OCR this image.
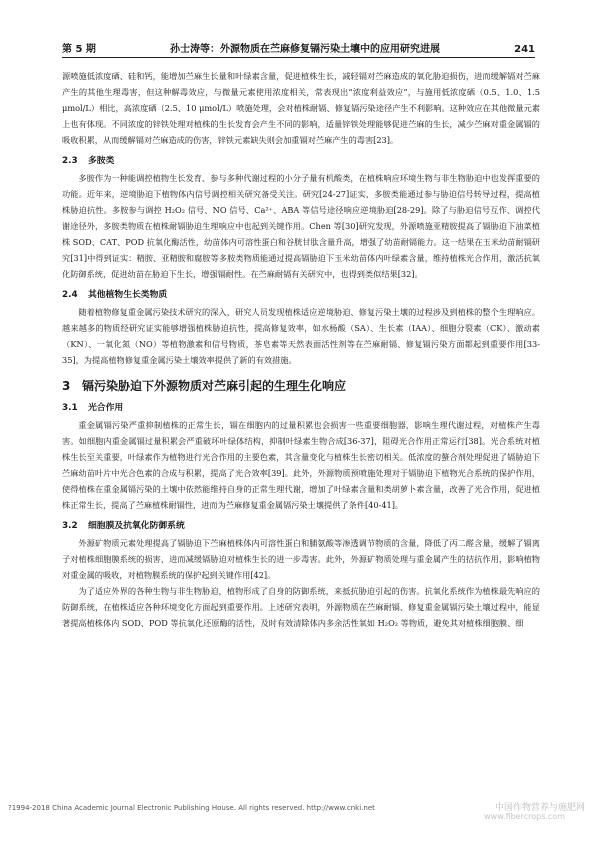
第 5 期	孙士涛等：外源物质在苎麻修复镉污染土壤中的应用研究进展	241

源喷施低浓度硒、硅和钙，能增加苎麻生长量和叶绿素含量，促进植株生长，减轻镉对苎麻造成的氧化胁迫损伤，进而缓解镉对苎麻产生的其他生理毒害，但这种解毒效应，与微量元素使用浓度相关，常表现出“浓度利益效应”，与施用低浓度硒（0.5、1.0、1.5 μmol/L）相比，高浓度硒（2.5、10 μmol/L）喷施处理，会对植株耐镉、修复镉污染途径产生不利影响。这种效应在其他微量元素上也有体现。不同浓度的锌铁处理对植株的生长发育会产生不同的影响，适量锌铁处理能够促进苎麻的生长，减少苎麻对重金属镉的吸收积累，从而缓解镉对苎麻造成的伤害，锌铁元素缺失则会加重镉对苎麻产生的毒害[23]。

2.3 多胺类

多胺作为一种能调控植物生长发育、参与多种代谢过程的小分子量有机酸类，在植株响应环境生物与非生物胁迫中也发挥重要的功能。近年来，逆境胁迫下植物体内信号调控相关研究备受关注。研究[24-27]证实，多胺类能通过参与胁迫信号转导过程，提高植株胁迫抗性。多胺参与调控 H₂O₂ 信号、NO 信号、Ca²⁺、ABA 等信号途径响应逆境胁迫[28-29]。除了与胁迫信号互作、调控代谢途径外，多胺类物质在植株耐镉胁迫生理响应中也起到关键作用。Chen 等[30]研究发现，外源喷施亚精胺提高了镉胁迫下油菜植株 SOD、CAT、POD 抗氧化酶活性，幼苗体内可溶性蛋白和谷胱甘肽含量升高，增强了幼苗耐镉能力。这一结果在玉米幼苗耐镉研究[31]中得到证实：精胺、亚精胺和腐胺等多胺类物质能通过提高镉胁迫下玉米幼苗体内叶绿素含量，维持植株光合作用，激活抗氧化防御系统，促进幼苗在胁迫下生长，增强镉耐性。在苎麻耐镉有关研究中，也得到类似结果[32]。

2.4 其他植物生长类物质

随着植物修复重金属污染技术研究的深入，研究人员发现植株适应逆境胁迫、修复污染土壤的过程涉及到植株的整个生理响应。越来越多的物质经研究证实能够增强植株胁迫抗性，提高修复效率，如水杨酸（SA）、生长素（IAA）、细胞分裂素（CK）、激动素（KN）、一氧化氮（NO）等植物激素和信号物质，茶皂素等天然表面活性剂等在苎麻耐镉、修复镉污染方面都起到重要作用[33-35]，为提高植物修复重金属污染土壤效率提供了新的有效措施。

3 镉污染胁迫下外源物质对苎麻引起的生理生化响应
3.1 光合作用

重金属镉污染严重抑制植株的正常生长，镉在细胞内的过量积累也会损害一些重要细胞器，影响生理代谢过程，对植株产生毒害。如细胞内重金属镉过量积累会严重破坏叶绿体结构，抑制叶绿素生物合成[36-37]，阻碍光合作用正常运行[38]。光合系统对植株生长至关重要，叶绿素作为植物进行光合作用的主要色素，其含量变化与植株生长密切相关。低浓度的螯合剂处理促进了镉胁迫下苎麻幼苗叶片中光合色素的合成与积累，提高了光合效率[39]。此外，外源物质预喷施处理对于镉胁迫下植物光合系统的保护作用，使得植株在重金属镉污染的土壤中依然能维持自身的正常生理代谢，增加了叶绿素含量和类胡萝卜素含量，改善了光合作用，促进植株正常生长，提高了苎麻植株耐镉性，进而为苎麻修复重金属镉污染土壤提供了条件[40-41]。

3.2 细胞膜及抗氧化防御系统

外源矿物质元素处理提高了镉胁迫下苎麻植株体内可溶性蛋白和脯氨酸等渗透调节物质的含量，降低了丙二醛含量，缓解了镉离子对植株细胞膜系统的损害，进而减缓镉胁迫对植株生长的进一步毒害。此外，外源矿物质处理与重金属产生的拮抗作用，影响植物对重金属的吸收，对植物膜系统的保护起到关键作用[42]。

为了适应外界的各种生物与非生物胁迫，植物形成了自身的防御系统，来抵抗胁迫引起的伤害。抗氧化系统作为植株最先响应的防御系统，在植株适应各种环境变化方面起到重要作用。上述研究表明，外源物质在苎麻耐镉、修复重金属镉污染土壤过程中，能显著提高植株体内 SOD、POD 等抗氧化还原酶的活性，及时有效清除体内多余活性氧如 H₂O₂ 等物质，避免其对植株细胞膜、细

?1994-2018 China Academic Journal Electronic Publishing House. All rights reserved. http://www.cnki.net	中国作物营养与施肥网
www.fibercrops.com
